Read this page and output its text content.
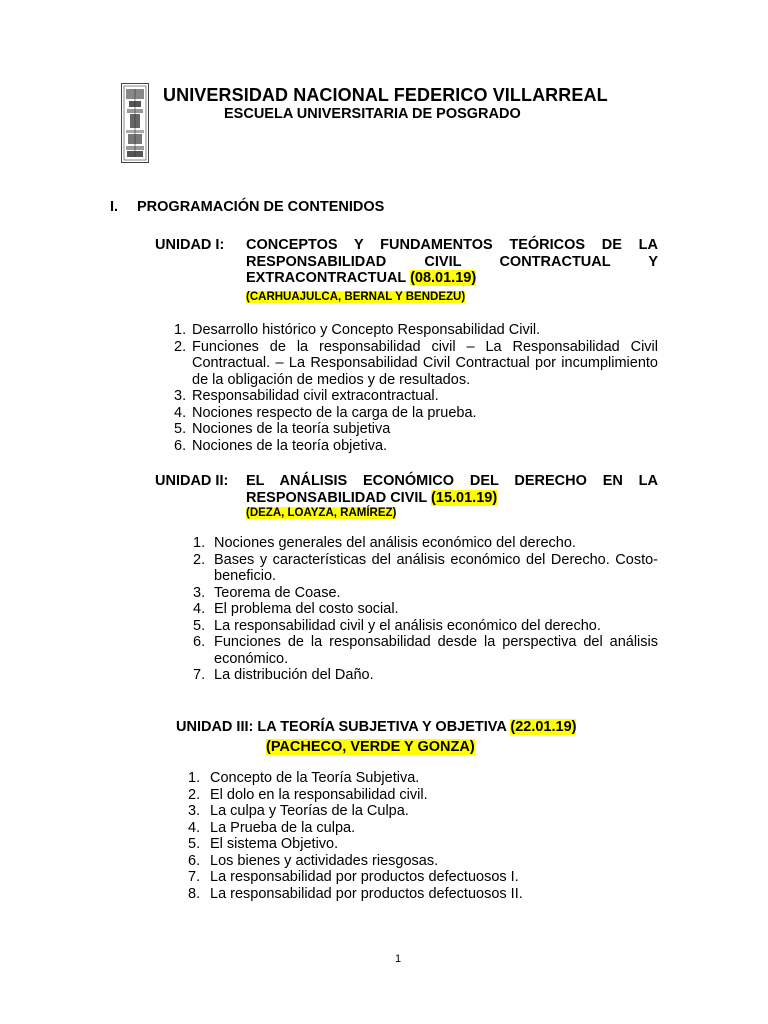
UNIVERSIDAD NACIONAL FEDERICO VILLARREAL
ESCUELA UNIVERSITARIA DE POSGRADO
I. PROGRAMACIÓN DE CONTENIDOS
UNIDAD I: CONCEPTOS Y FUNDAMENTOS TEÓRICOS DE LA
RESPONSABILIDAD CIVIL CONTRACTUAL Y
EXTRACONTRACTUAL (08.01.19)
(CARHUAJULCA, BERNAL Y BENDEZU)
1. Desarrollo histórico y Concepto Responsabilidad Civil.
2. Funciones de la responsabilidad civil – La Responsabilidad Civil Contractual. – La Responsabilidad Civil Contractual por incumplimiento de la obligación de medios y de resultados.
3. Responsabilidad civil extracontractual.
4. Nociones respecto de la carga de la prueba.
5. Nociones de la teoría subjetiva
6. Nociones de la teoría objetiva.
UNIDAD II: EL ANÁLISIS ECONÓMICO DEL DERECHO EN LA
RESPONSABILIDAD CIVIL (15.01.19)
(DEZA, LOAYZA, RAMÍREZ)
1. Nociones generales del análisis económico del derecho.
2. Bases y características del análisis económico del Derecho. Costo-beneficio.
3. Teorema de Coase.
4. El problema del costo social.
5. La responsabilidad civil y el análisis económico del derecho.
6. Funciones de la responsabilidad desde la perspectiva del análisis económico.
7. La distribución del Daño.
UNIDAD III: LA TEORÍA SUBJETIVA Y OBJETIVA (22.01.19)
(PACHECO, VERDE Y GONZA)
1. Concepto de la Teoría Subjetiva.
2. El dolo en la responsabilidad civil.
3. La culpa y Teorías de la Culpa.
4. La Prueba de la culpa.
5. El sistema Objetivo.
6. Los bienes y actividades riesgosas.
7. La responsabilidad por productos defectuosos I.
8. La responsabilidad por productos defectuosos II.
1
